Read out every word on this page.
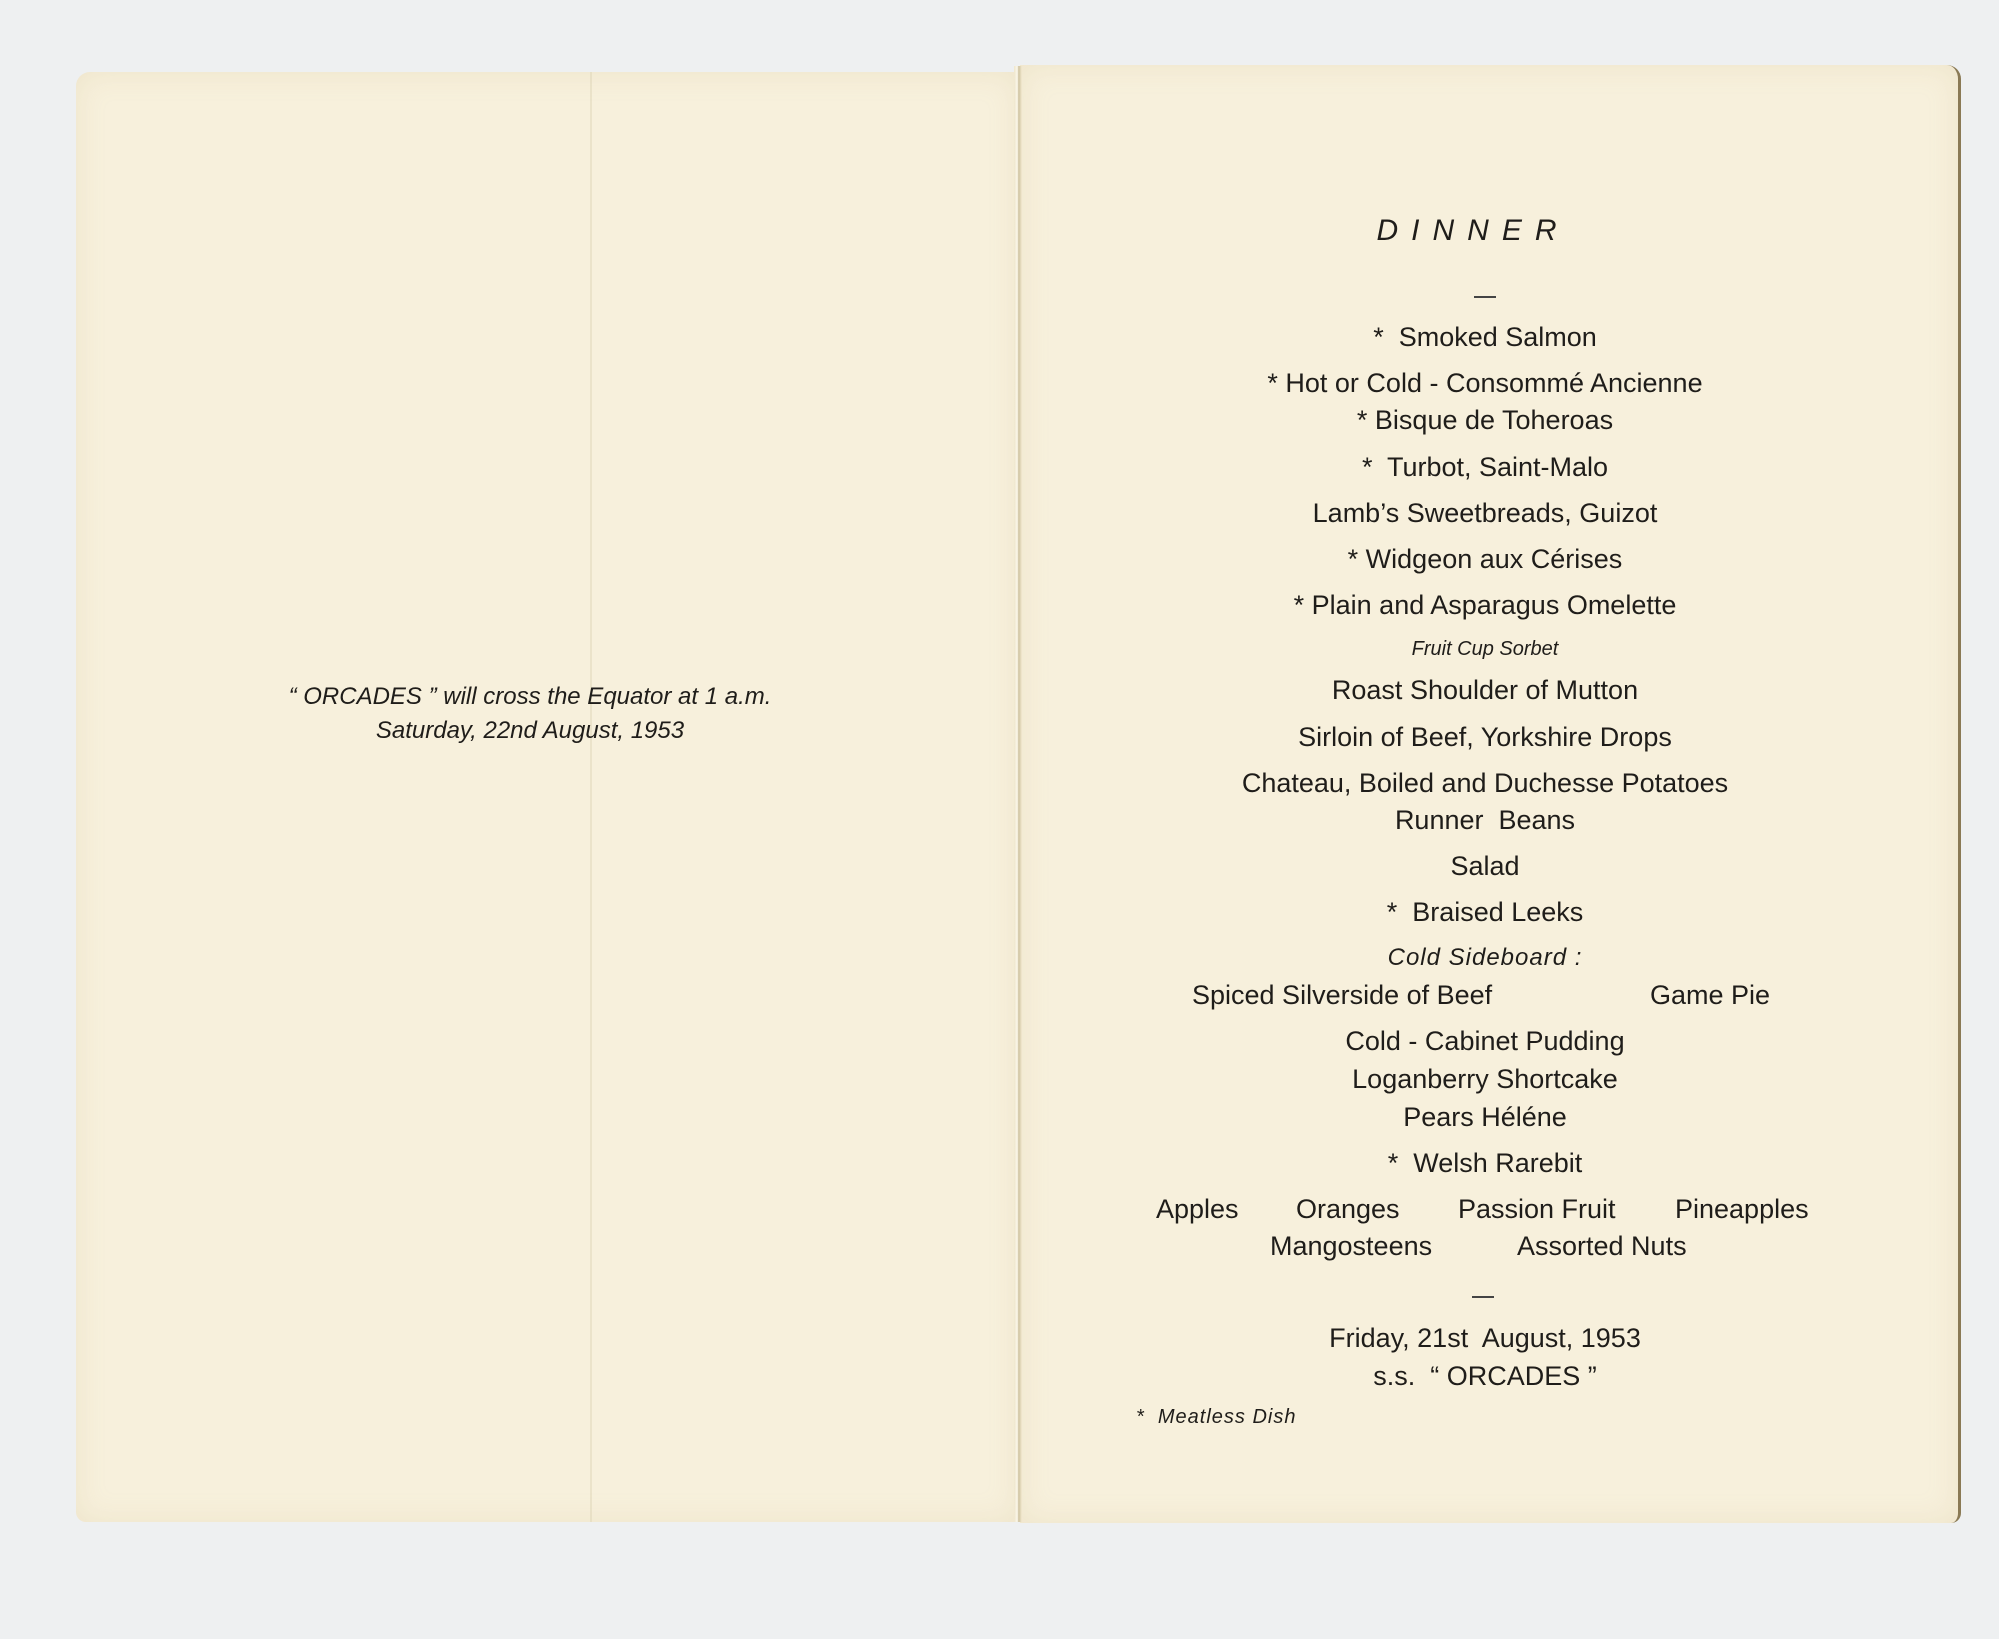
“ ORCADES ” will cross the Equator at 1 a.m.
Saturday, 22nd August, 1953
DINNER
*  Smoked Salmon
* Hot or Cold - Consommé Ancienne
* Bisque de Toheroas
*  Turbot, Saint-Malo
Lamb’s Sweetbreads, Guizot
* Widgeon aux Cérises
* Plain and Asparagus Omelette
Fruit Cup Sorbet
Roast Shoulder of Mutton
Sirloin of Beef, Yorkshire Drops
Chateau, Boiled and Duchesse Potatoes
Runner  Beans
Salad
*  Braised Leeks
Cold Sideboard :
Spiced Silverside of Beef	Game Pie
Cold - Cabinet Pudding
Loganberry Shortcake
Pears Héléne
*  Welsh Rarebit
Apples Oranges Passion Fruit Pineapples
Mangosteens	Assorted Nuts
Friday, 21st  August, 1953
s.s.  “ ORCADES ”
*  Meatless Dish
